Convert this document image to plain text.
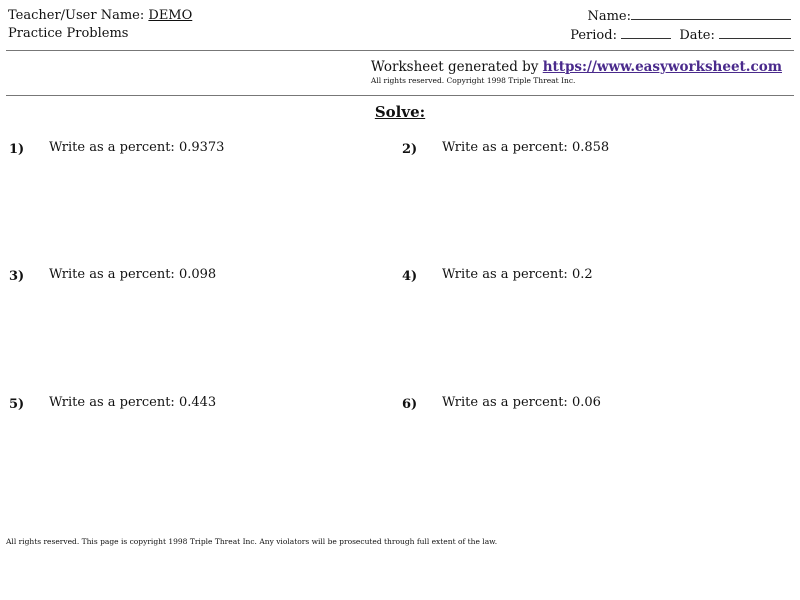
Teacher/User Name: DEMO
Practice Problems
Name:
Period:	Date:
Worksheet generated by https://www.easyworksheet.com
All rights reserved. Copyright 1998 Triple Threat Inc.
Solve:
1) Write as a percent: 0.9373	2) Write as a percent: 0.858
3) Write as a percent: 0.098	4) Write as a percent: 0.2
5) Write as a percent: 0.443	6) Write as a percent: 0.06
All rights reserved. This page is copyright 1998 Triple Threat Inc. Any violators will be prosecuted through full extent of the law.
